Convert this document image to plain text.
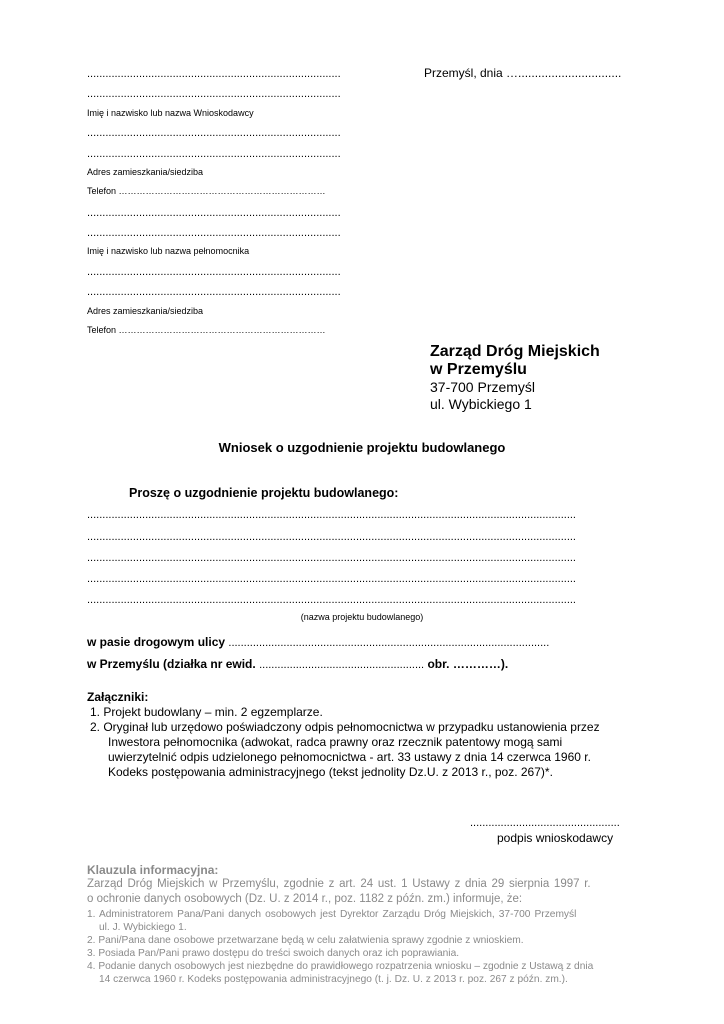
...................................................................................
...................................................................................
Imię i nazwisko lub nazwa Wnioskodawcy
...................................................................................
...................................................................................
Adres zamieszkania/siedziba
Telefon ……………………………………………………………
...................................................................................
...................................................................................
Imię i nazwisko lub nazwa pełnomocnika
...................................................................................
...................................................................................
Adres zamieszkania/siedziba
Telefon ……………………………………………………………
Przemyśl, dnia …...............................
Zarząd Dróg Miejskich
w Przemyślu
37-700 Przemyśl
ul. Wybickiego 1
Wniosek o uzgodnienie projektu budowlanego
Proszę o uzgodnienie projektu budowlanego:
................................................................................................................................................................
................................................................................................................................................................
................................................................................................................................................................
................................................................................................................................................................
................................................................................................................................................................
(nazwa projektu budowlanego)
w pasie drogowym ulicy .........................................................................................................
w Przemyślu (działka nr ewid. ...................................................... obr. …………).
Załączniki:
1. Projekt budowlany – min. 2 egzemplarze.
2. Oryginał lub urzędowo poświadczony odpis pełnomocnictwa w przypadku ustanowienia przez
Inwestora pełnomocnika (adwokat, radca prawny oraz rzecznik patentowy mogą sami
uwierzytelnić odpis udzielonego pełnomocnictwa - art. 33 ustawy z dnia 14 czerwca 1960 r.
Kodeks postępowania administracyjnego (tekst jednolity Dz.U. z 2013 r., poz. 267)*.
.................................................
podpis wnioskodawcy
Klauzula informacyjna:
Zarząd Dróg Miejskich w Przemyślu, zgodnie z art. 24 ust. 1 Ustawy z dnia 29 sierpnia 1997 r.
o ochronie danych osobowych (Dz. U. z 2014 r., poz. 1182 z późn. zm.) informuje, że:
1. Administratorem Pana/Pani danych osobowych jest Dyrektor Zarządu Dróg Miejskich, 37-700 Przemyśl
ul. J. Wybickiego 1.
2. Pani/Pana dane osobowe przetwarzane będą w celu załatwienia sprawy zgodnie z wnioskiem.
3. Posiada Pan/Pani prawo dostępu do treści swoich danych oraz ich poprawiania.
4. Podanie danych osobowych jest niezbędne do prawidłowego rozpatrzenia wniosku – zgodnie z Ustawą z dnia
14 czerwca 1960 r. Kodeks postępowania administracyjnego (t. j. Dz. U. z 2013 r. poz. 267 z późn. zm.).
